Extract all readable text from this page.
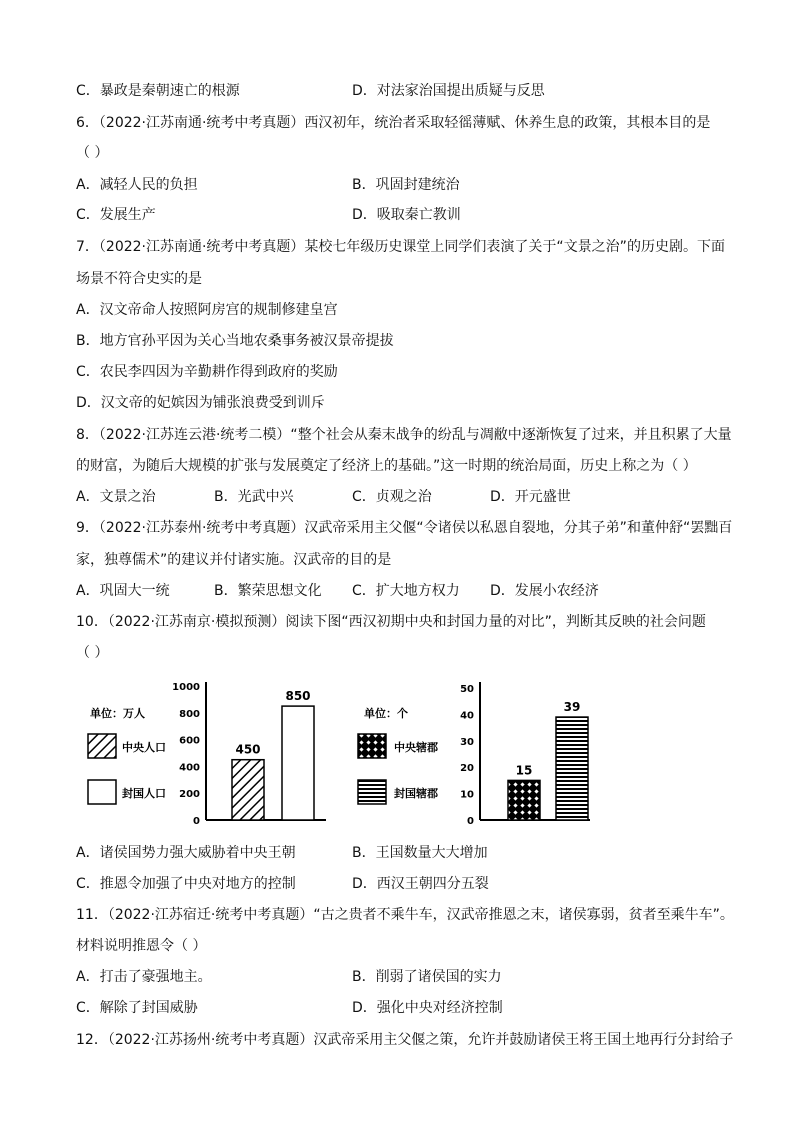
C．暴政是秦朝速亡的根源	D．对法家治国提出质疑与反思
6．（2022·江苏南通·统考中考真题）西汉初年，统治者采取轻徭薄赋、休养生息的政策，其根本目的是
（ ）
A．减轻人民的负担	B．巩固封建统治
C．发展生产	D．吸取秦亡教训
7．（2022·江苏南通·统考中考真题）某校七年级历史课堂上同学们表演了关于“文景之治”的历史剧。下面
场景不符合史实的是
A．汉文帝命人按照阿房宫的规制修建皇宫
B．地方官孙平因为关心当地农桑事务被汉景帝提拔
C．农民李四因为辛勤耕作得到政府的奖励
D．汉文帝的妃嫔因为铺张浪费受到训斥
8．（2022·江苏连云港·统考二模）“整个社会从秦末战争的纷乱与凋敝中逐渐恢复了过来，并且积累了大量
的财富，为随后大规模的扩张与发展奠定了经济上的基础。”这一时期的统治局面，历史上称之为（ ）
A．文景之治	B．光武中兴	C．贞观之治	D．开元盛世
9．（2022·江苏泰州·统考中考真题）汉武帝采用主父偃“令诸侯以私恩自裂地，分其子弟”和董仲舒“罢黜百
家，独尊儒术”的建议并付诸实施。汉武帝的目的是
A．巩固大一统	B．繁荣思想文化 C．扩大地方权力 D．发展小农经济
10．（2022·江苏南京·模拟预测）阅读下图“西汉初期中央和封国力量的对比”，判断其反映的社会问题
（ ）
单位：万人
中央人口
封国人口
0
200
400
600
800
1000
450
850
单位：个
中央辖郡
封国辖郡
0
10
20
30
40
50
15
39
A．诸侯国势力强大威胁着中央王朝	B．王国数量大大增加
C．推恩令加强了中央对地方的控制	D．西汉王朝四分五裂
11．（2022·江苏宿迁·统考中考真题）“古之贵者不乘牛车，汉武帝推恩之末，诸侯寡弱，贫者至乘牛车”。
材料说明推恩令（ ）
A．打击了豪强地主。	B．削弱了诸侯国的实力
C．解除了封国威胁	D．强化中央对经济控制
12．（2022·江苏扬州·统考中考真题）汉武帝采用主父偃之策，允许并鼓励诸侯王将王国土地再行分封给子
